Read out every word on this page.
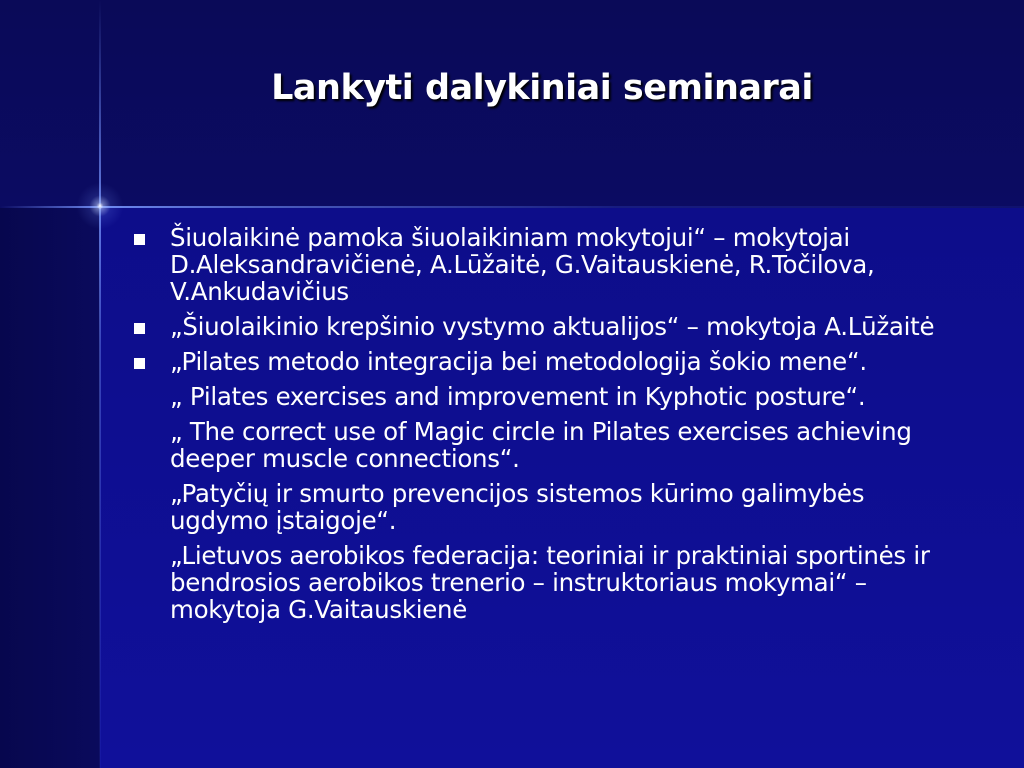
Lankyti dalykiniai seminarai
Šiuolaikinė pamoka šiuolaikiniam mokytojui“ – mokytojai D.Aleksandravičienė, A.Lūžaitė, G.Vaitauskienė, R.Točilova, V.Ankudavičius
„Šiuolaikinio krepšinio vystymo aktualijos“ – mokytoja A.Lūžaitė
„Pilates metodo integracija bei metodologija šokio mene“.
„ Pilates exercises and improvement in Kyphotic posture“.
„ The correct use of Magic circle in Pilates exercises achieving deeper muscle connections“.
„Patyčių ir smurto prevencijos sistemos kūrimo galimybės ugdymo įstaigoje“.
„Lietuvos aerobikos federacija: teoriniai ir praktiniai sportinės ir bendrosios aerobikos trenerio – instruktoriaus mokymai“ – mokytoja G.Vaitauskienė
